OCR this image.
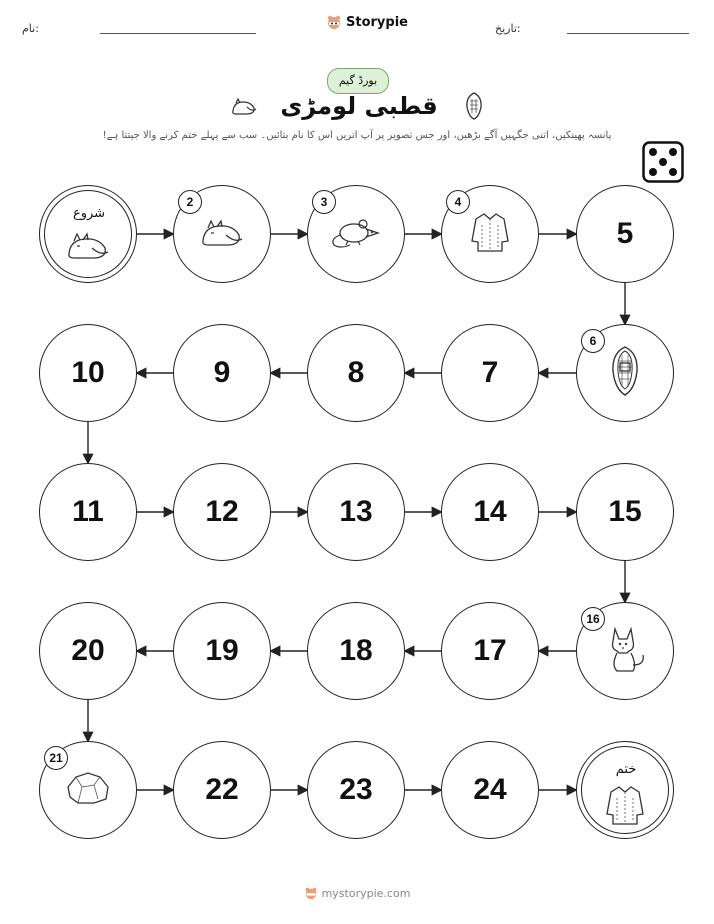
نام:	Storypie	تاریخ:
بورڈ گیم
قطبی لومڑی
پانسہ پھینکیں، اتنی جگہیں آگے بڑھیں، اور جس تصویر پر آپ اتریں اس کا نام بتائیں۔ سب سے پہلے ختم کرنے والا جیتتا ہے!
شروع
2	3	4
5
6
7
8
9
10
11	12	13	14	15
16
17
18
19
20
21
22	23	24
ختم
mystorypie.com
